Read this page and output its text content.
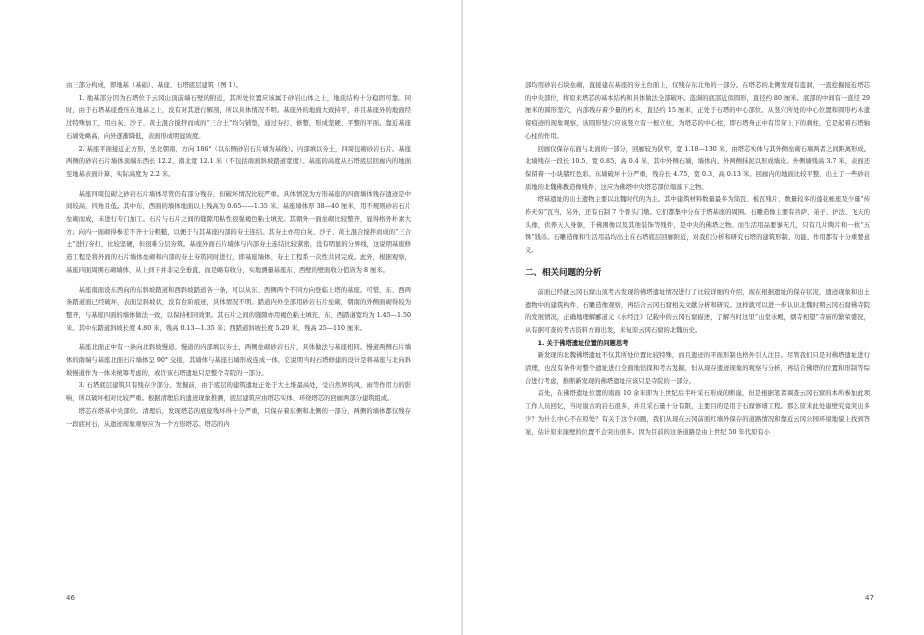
由三部分构成，即地基（基础）、基座、石塔底层建筑（图 1）。

1. 地基部分因为石塔位于云冈山顶前端石壁的附近，其所处位置应该属于砂岩山体之上，地质结构十分稳固可靠。同时，由于石塔基座叠压在地基之上，没有对其进行解剖，所以具体情况不明。基座外的地面大致持平，并且基座外的地面经过特殊加工，用白灰、沙子、黄土混合搅拌而成的“三合土”均匀铺垫，通过夯打、修整，形成坚硬、平整的平面。靠近基座石墙处略高，向外逐渐降低，表面形成明显坡度。

2. 基座平面接近正方形，坐北朝南，方向 186°（以东侧砂岩石片墙为基线）。内部填以夯土，四周包砌砂岩石片。基座两侧的砂岩石片墙体顶端东西长 12.2、南北宽 12.1 米（不包括南面斜坡踏道宽度）。基座的高度从石塔底层回廊内的地面至地基表面计算，实际高度为 2.2 米。

基座四周包砌之砂岩石片墙体尽管仍有部分残存，但破坏情况比较严重。具体情况为方形基座的四面墙体残存遗迹是中间较高，四角且低。其中东、西面的墙体地面以上残高为 0.65——1.35 米。基座墙体厚 38—40 厘米，用不规则砂岩石片垒砌而成，未进行专门加工。石片与石片之间的缝隙用粘性很强褐色粘土填充。其朝外一面垒砌比较整齐，显得格外朴素大方；向内一面砌得参差不齐十分粗糙，以便于与其基座内部的夯土连结。其夯土亦用白灰、沙子、黄土混合搅拌而成的“三合土”进行夯打，比较坚硬，但很难分层夯筑。基座外面石片墙体与内部夯土连结比较紧密，没有明显的分界线，这说明基座修造工程是将外面的石片墙体垒砌和内部的夯土夯筑同时进行，即基座墙体、夯土工程系一次性共同完成。此外，根据观察，基座四面周围石砌墙体，从上到下并非完全垂直，而是略有收分，实地测量基座东、西壁的壁面收分值皆为 8 厘米。

基座南面设东西向的东斜坡踏道和西斜坡踏道各一条，可以从东、西侧两个不同方向登临上塔的基座。可惜，东、西两条踏道面已经破坏，表面呈斜坡状，没有台阶痕迹，具体情况不明。踏道内外全部用砂岩石片垒砌，朝南的外侧面砌得较为整齐，与基座四面的墙体做法一致，以保持相同效果。其石片之间的缝隙亦用褐色粘土填充，东、西踏道宽均为 1.45—1.50 米。其中东踏道斜坡长度 4.80 米，残高 0.13—1.35 米；西踏道斜坡长度 5.20 米，残高 25—110 厘米。

基座北面正中有一条向北斜坡慢道。慢道的内部填以夯土，两侧垒砌砂岩石片，具体做法与基座相同。慢道两侧石片墙体的南端与基座北面石片墙体呈 90° 交接，其墙体与基座石墙形成连成一体，它说明当时石塔修建的设计是将基座与北向斜坡慢道作为一体来统筹考虑的，或许该石塔遗址只是整个寺院的一部分。

3. 石塔底层建筑只有残存少部分。发掘前，由于底层的建筑遗址正处于大土堆最高处，受自然界的风、雨等作用力的影响，所以破坏相对比较严重。根据清理后的遗迹现象推测，底层建筑应由塔芯实体、环绕塔芯的回廊两部分建筑组成。

塔芯在塔基中央部位。清理后，发现塔芯的底座残坏得十分严重，只保存着东侧和北侧的一部分，两侧的墙体都仅残存一段底衬石，从遗迹现象观察应为一个方形塔芯。塔芯的内

46

部均用砂岩石块垒砌，直接建在基座的夯土台面上，仅残存东北角的一部分。在塔芯的北侧发现有盗洞，一直挖掘接近塔芯的中央部位，将原来塔芯的基本结构和具体做法全部破坏。盗洞的底部近似圆形，直径约 80 厘米。底部的中间有一直径 29 厘米的圆形坚穴，内部残存着少量的朽木，直径约 15 厘米，正处于石塔的中心部位。从竖穴所处的中心位置和圆形朽木遗留痕迹的现象观察，该圆形竖穴应该竖立有一根立柱，为塔芯的中心柱，即石塔身正中有贯穿上下的刹柱，它是起着石塔轴心柱的作用。

回廊仅保存东面与北面的一部分，回廊较为狭窄，宽 1.18—130 米，由塔芯实体与其外侧垒砌石墙两者之间距离形成。北墙残存一段长 10.5、宽 0.85、高 0.4 米，其中外侧石墙，墙体内、外两侧抹泥以形成墙皮。外侧墙残高 3.7 米，表面还保留着一小块赭红色彩。东墙破坏十分严重，残存长 4.75、宽 0.3、高 0.13 米。回廊内的地面比较平整，出土了一些砂岩质地的北魏佛教造像残件，这应为佛塔中央塔芯部位塌落下之物。

塔基遗址的出土遗物主要以北魏时代的为主。其中建筑材料数量最多为筒瓦、板瓦残片，数量较多的莲花帐座及少量“传祚无穷”瓦当，另外，还有石制 7 个骨头门墩。它们都集中分布于塔基座的周围。石雕造像主要有菩萨、弟子、护法、飞天的头像，供养天人身躯，千佛围像以及其他装饰等残件，是中央的佛塔之物。而生活用品要寥无几，只有几片陶片和一枚“五铢”钱币。石雕造像和生活用品均出土在石塔底层回廊附近，对我们分析和研究石塔的建筑形制、功能、作用都有十分重要意义。

二、相关问题的分析

前面已经就云冈石窟山顶考古发现的佛塔遗址情况进行了比较详细的介绍，现在根据遗址的保存状况，遗迹现象和出土遗物中的建筑构件、石雕造像观察，再结合云冈石窟相关文献分析和研究。这样就可以进一步认识北魏时期云冈石窟佛寺院的发展情况，正确地理解郦道元《水经注》记载中的云冈石窟描述，了解当时这里“山堂水殿，烟寺相望”寺庙的繁荣盛况，从有据可查的考古资料方面出发，来复原云冈石窟的北魏历史。

1. 关于佛塔遗址位置的问题思考

新发现的北魏佛塔遗址不仅其所处位置比较特殊，而且遗迹的平面形制也格外引人注目。尽管我们只是对佛塔遗址进行清理，也没有条件对整个遗址进行全面地钻探和考古发掘，但从现存遗迹现象的观察与分析，再结合佛塔的位置和形制等综合进行考虑，推断新发现的佛塔遗址应该只是寺院的一部分。

首先，在佛塔遗址位置的南面 10 余米即为上世纪后半叶采石形成的断崖，但是根据笔者调查云冈石窟的本所参加此项工作人员回忆，当时崖古的岩石很多，并且采石量十分有限，主要目的是用于石窟修缮工程。那么原来此处崖壁究竟突出多少？为什么中心不在原处？有关于这个问题，我们从现在云冈前面红墙外保存的道路情况和靠近云冈公园环境地貌上找到答案，估计原来崖壁的位置不会突出很多。因为目前的这条道路是由上世纪 50 年代原有小

47
